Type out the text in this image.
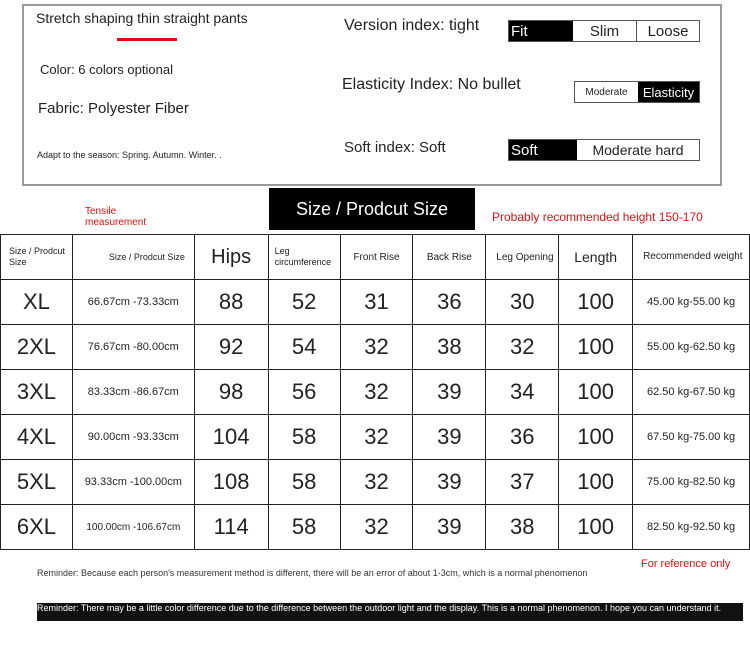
Stretch shaping thin straight pants
Color: 6 colors optional
Fabric: Polyester Fiber
Adapt to the season: Spring. Autumn. Winter. .
Version index: tight Fit	Slim	Loose
Elasticity Index: No bullet	Moderate	Elasticity
Soft index: Soft	Soft	Moderate hard
Tensile measurement
Size / Prodcut Size	Probably recommended height 150-170
Size / Prodcut Size	Size / Prodcut Size	Hips	Leg circumference	Front Rise	Back Rise	Leg Opening	Length	Recommended weight
XL	66.67cm -73.33cm	88	52	31	36	30	100	45.00 kg-55.00 kg
2XL	76.67cm -80.00cm	92	54	32	38	32	100	55.00 kg-62.50 kg
3XL	83.33cm -86.67cm	98	56	32	39	34	100	62.50 kg-67.50 kg
4XL	90.00cm -93.33cm	104	58	32	39	36	100	67.50 kg-75.00 kg
5XL	93.33cm -100.00cm	108	58	32	39	37	100	75.00 kg-82.50 kg
6XL	100.00cm -106.67cm	114	58	32	39	38	100	82.50 kg-92.50 kg
For reference only
Reminder: Because each person's measurement method is different, there will be an error of about 1-3cm, which is a normal phenomenon
Reminder: There may be a little color difference due to the difference between the outdoor light and the display. This is a normal phenomenon. I hope you can understand it.
